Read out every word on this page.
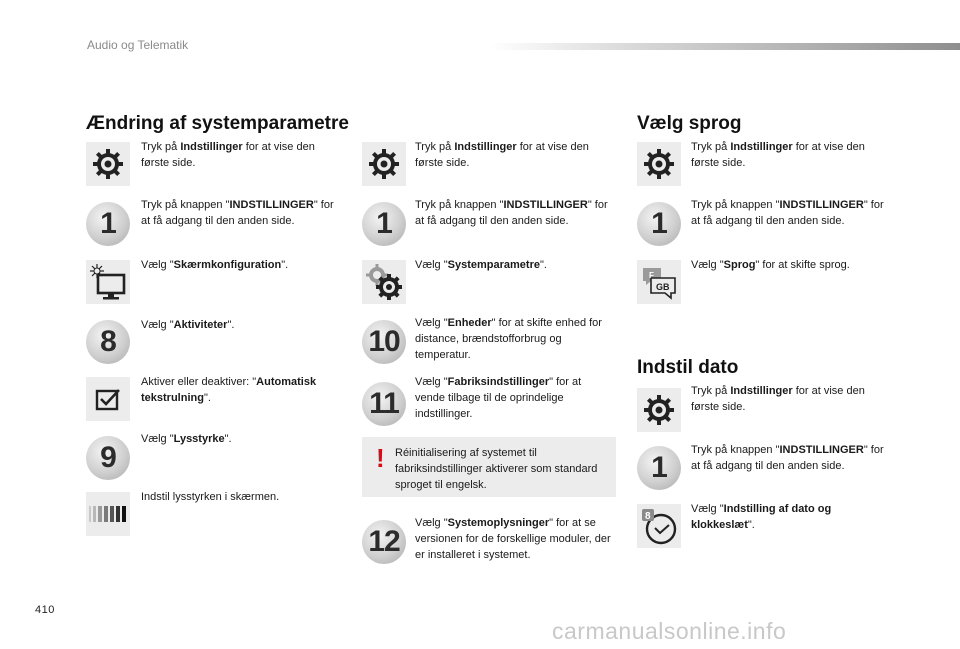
Audio og Telematik
Ændring af systemparametre	Vælg sprog
Indstil dato
Tryk på Indstillinger for at vise den første side.
1
Tryk på knappen "INDSTILLINGER" for at få adgang til den anden side.
Vælg "Skærmkonfiguration".
8	Vælg "Aktiviteter".
Aktiver eller deaktiver: "Automatisk tekstrulning".
9
Vælg "Lysstyrke".
Indstil lysstyrken i skærmen.
Tryk på Indstillinger for at vise den første side.
1
Tryk på knappen "INDSTILLINGER" for at få adgang til den anden side.
Vælg "Systemparametre".
10
Vælg "Enheder" for at skifte enhed for distance, brændstofforbrug og temperatur.
11
Vælg "Fabriksindstillinger" for at vende tilbage til de oprindelige indstillinger.
! Réinitialisering af systemet til fabriksindstillinger aktiverer som standard sproget til engelsk.
12
Vælg "Systemoplysninger" for at se versionen for de forskellige moduler, der er installeret i systemet.
Tryk på Indstillinger for at vise den første side.
1
Tryk på knappen "INDSTILLINGER" for at få adgang til den anden side.
F
GB
Vælg "Sprog" for at skifte sprog.
Tryk på Indstillinger for at vise den første side.
1
Tryk på knappen "INDSTILLINGER" for at få adgang til den anden side.
8
Vælg "Indstilling af dato og klokkeslæt".
410
carmanualsonline.info
